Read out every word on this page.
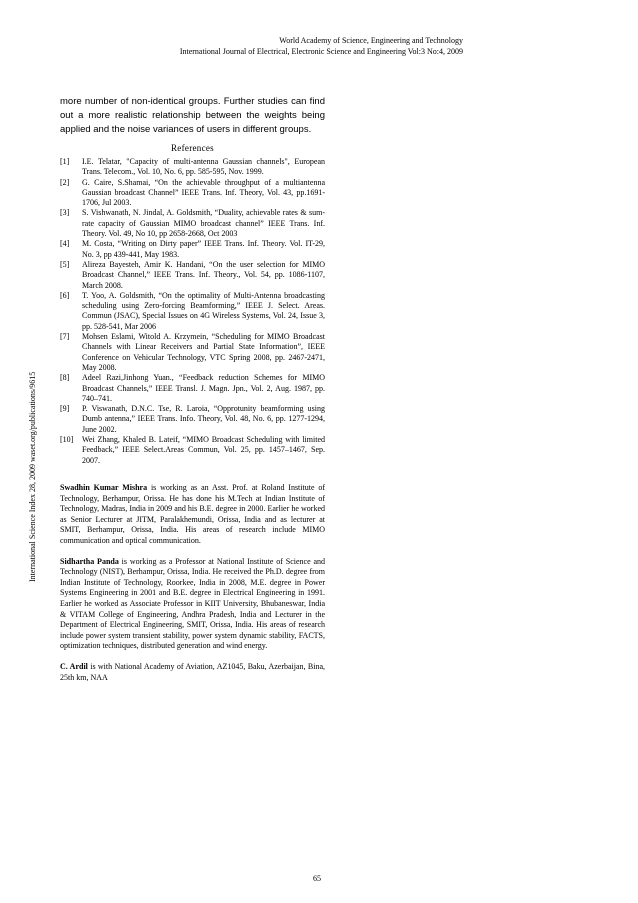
World Academy of Science, Engineering and Technology
International Journal of Electrical, Electronic Science and Engineering Vol:3 No:4, 2009
International Science Index 28, 2009 waset.org/publications/9615

more number of non-identical groups. Further studies can find out a more realistic relationship between the weights being applied and the noise variances of users in different groups.

References
[1] I.E. Telatar, "Capacity of multi-antenna Gaussian channels", European Trans. Telecom., Vol. 10, No. 6, pp. 585-595, Nov. 1999.
[2] G. Caire, S.Shamai, “On the achievable throughput of a multiantenna Gaussian broadcast Channel” IEEE Trans. Inf. Theory, Vol. 43, pp.1691-1706, Jul 2003.
[3] S. Vishwanath, N. Jindal, A. Goldsmith, “Duality, achievable rates & sum-rate capacity of Gaussian MIMO broadcast channel” IEEE Trans. Inf. Theory. Vol. 49, No 10, pp 2658-2668, Oct 2003
[4] M. Costa, “Writing on Dirty paper” IEEE Trans. Inf. Theory. Vol. IT-29, No. 3, pp 439-441, May 1983.
[5] Alireza Bayesteh, Amir K. Handani, “On the user selection for MIMO Broadcast Channel,” IEEE Trans. Inf. Theory., Vol. 54, pp. 1086-1107, March 2008.
[6] T. Yoo, A. Goldsmith, “On the optimality of Multi-Antenna broadcasting scheduling using Zero-forcing Beamforming,” IEEE J. Select. Areas. Commun (JSAC), Special Issues on 4G Wireless Systems, Vol. 24, Issue 3, pp. 528-541, Mar 2006
[7] Mohsen Eslami, Witold A. Krzymein, “Scheduling for MIMO Broadcast Channels with Linear Receivers and Partial State Information”, IEEE Conference on Vehicular Technology, VTC Spring 2008, pp. 2467-2471, May 2008.
[8] Adeel Razi,Jinhong Yuan., “Feedback reduction Schemes for MIMO Broadcast Channels,” IEEE Transl. J. Magn. Jpn., Vol. 2, Aug. 1987, pp. 740–741.
[9] P. Viswanath, D.N.C. Tse, R. Laroia, “Opprotunity beamforming using Dumb antenna,” IEEE Trans. Info. Theory, Vol. 48, No. 6, pp. 1277-1294, June 2002.
[10] Wei Zhang, Khaled B. Lateif, “MIMO Broadcast Scheduling with limited Feedback,” IEEE Select.Areas Commun, Vol. 25, pp. 1457–1467, Sep. 2007.

Swadhin Kumar Mishra is working as an Asst. Prof. at Roland Institute of Technology, Berhampur, Orissa. He has done his M.Tech at Indian Institute of Technology, Madras, India in 2009 and his B.E. degree in 2000. Earlier he worked as Senior Lecturer at JITM, Paralakhemundi, Orissa, India and as lecturer at SMIT, Berhampur, Orissa, India. His areas of research include MIMO communication and optical communication.

Sidhartha Panda is working as a Professor at National Institute of Science and Technology (NIST), Berhampur, Orissa, India. He received the Ph.D. degree from Indian Institute of Technology, Roorkee, India in 2008, M.E. degree in Power Systems Engineering in 2001 and B.E. degree in Electrical Engineering in 1991. Earlier he worked as Associate Professor in KIIT University, Bhubaneswar, India & VITAM College of Engineering, Andhra Pradesh, India and Lecturer in the Department of Electrical Engineering, SMIT, Orissa, India. His areas of research include power system transient stability, power system dynamic stability, FACTS, optimization techniques, distributed generation and wind energy.

C. Ardil is with National Academy of Aviation, AZ1045, Baku, Azerbaijan, Bina, 25th km, NAA

65
